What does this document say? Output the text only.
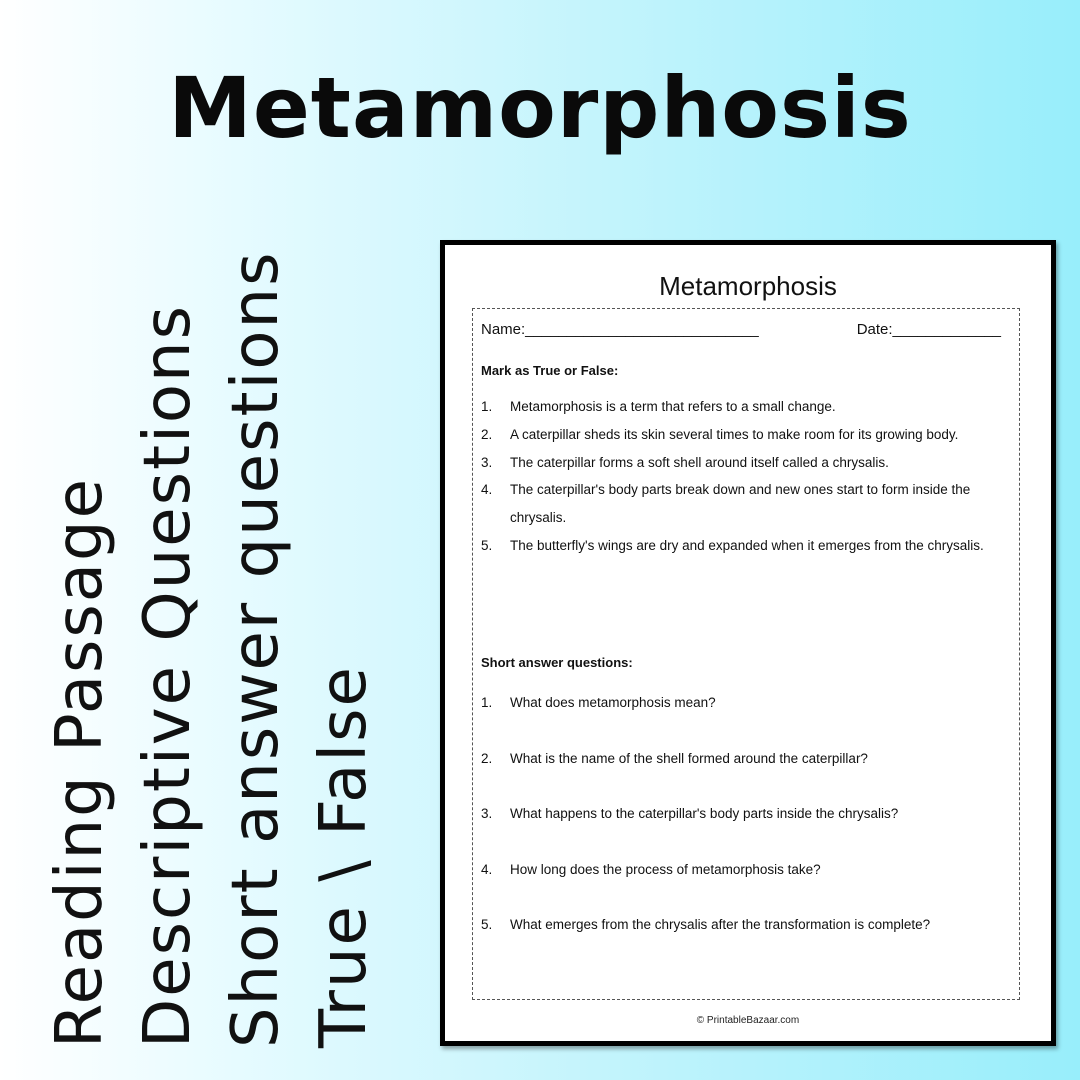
Metamorphosis
Reading Passage Descriptive Questions Short answer questions True \ False
Metamorphosis
Name:____________________________	Date:_____________
Mark as True or False:
1. Metamorphosis is a term that refers to a small change.
2. A caterpillar sheds its skin several times to make room for its growing body.
3. The caterpillar forms a soft shell around itself called a chrysalis.
4. The caterpillar's body parts break down and new ones start to form inside the chrysalis.
5. The butterfly's wings are dry and expanded when it emerges from the chrysalis.
Short answer questions:
1. What does metamorphosis mean?
2. What is the name of the shell formed around the caterpillar?
3. What happens to the caterpillar's body parts inside the chrysalis?
4. How long does the process of metamorphosis take?
5. What emerges from the chrysalis after the transformation is complete?
© PrintableBazaar.com
